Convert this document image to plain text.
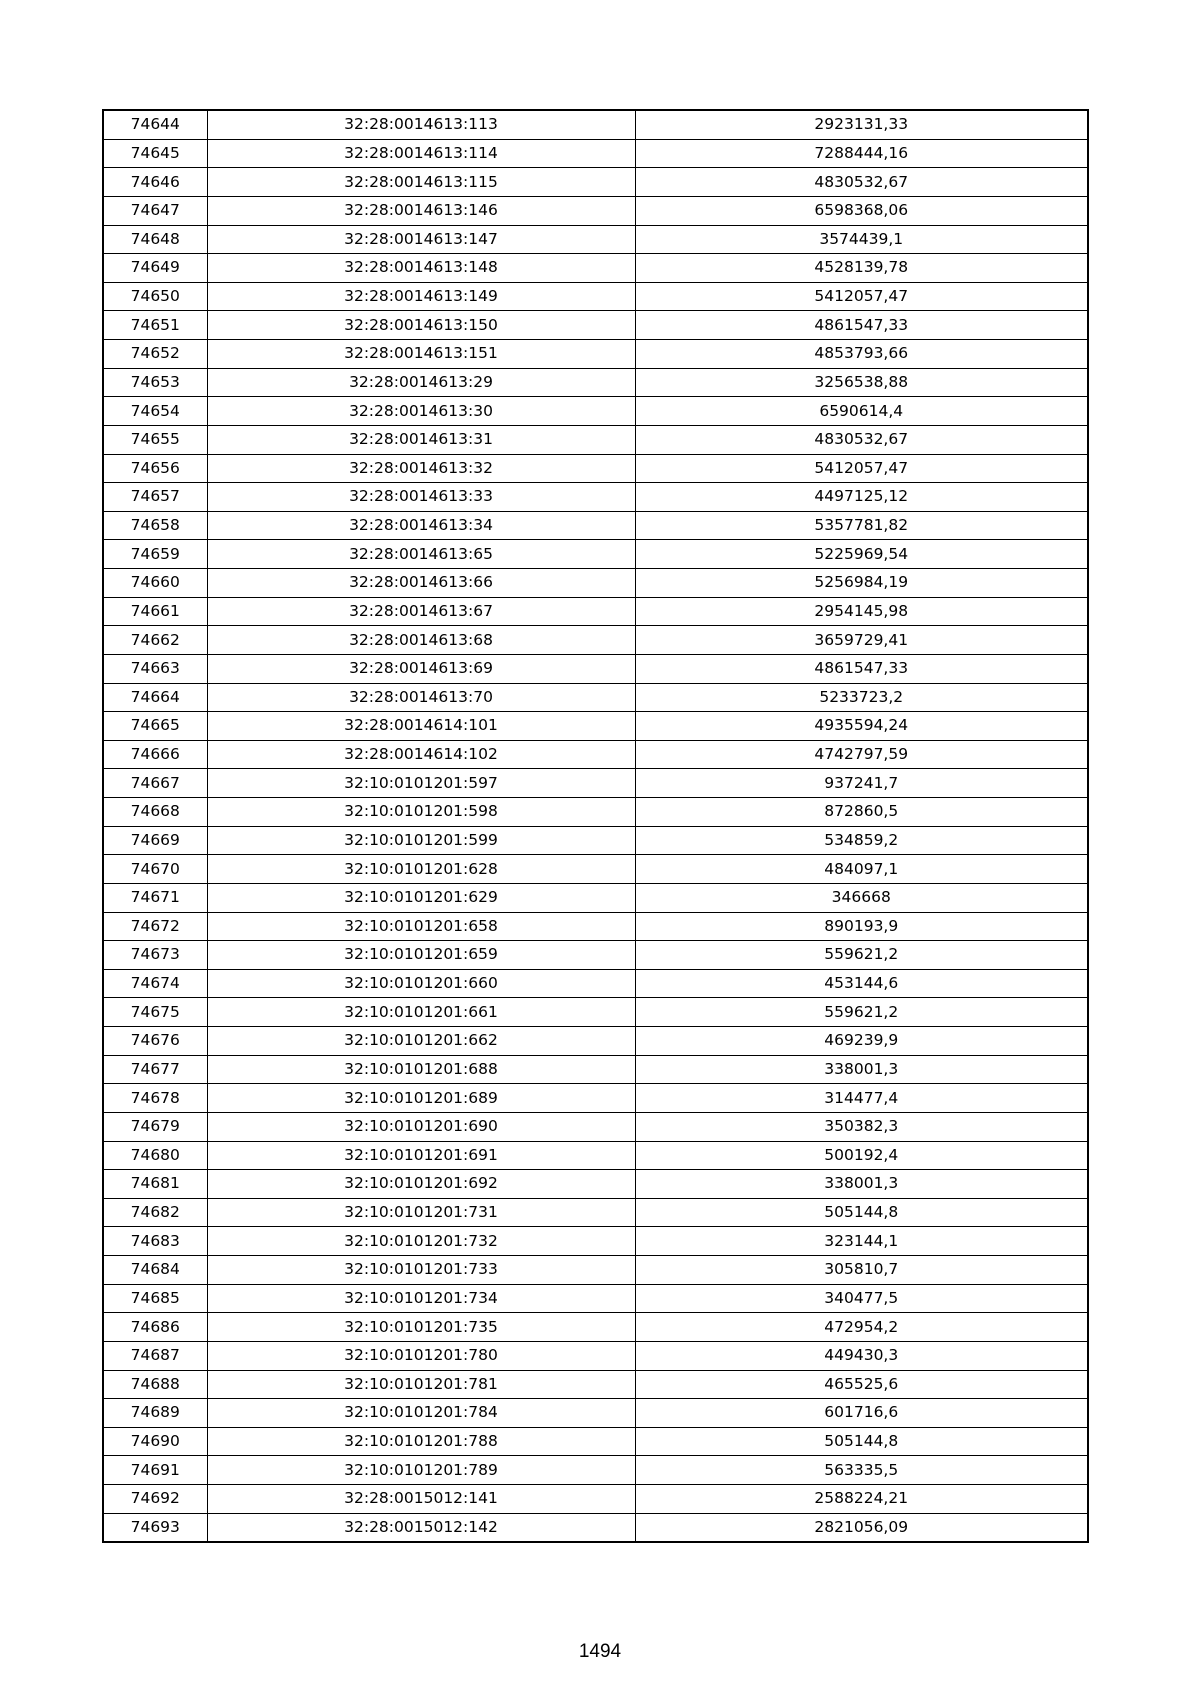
74644	32:28:0014613:113	2923131,33
74645	32:28:0014613:114	7288444,16
74646	32:28:0014613:115	4830532,67
74647	32:28:0014613:146	6598368,06
74648	32:28:0014613:147	3574439,1
74649	32:28:0014613:148	4528139,78
74650	32:28:0014613:149	5412057,47
74651	32:28:0014613:150	4861547,33
74652	32:28:0014613:151	4853793,66
74653	32:28:0014613:29	3256538,88
74654	32:28:0014613:30	6590614,4
74655	32:28:0014613:31	4830532,67
74656	32:28:0014613:32	5412057,47
74657	32:28:0014613:33	4497125,12
74658	32:28:0014613:34	5357781,82
74659	32:28:0014613:65	5225969,54
74660	32:28:0014613:66	5256984,19
74661	32:28:0014613:67	2954145,98
74662	32:28:0014613:68	3659729,41
74663	32:28:0014613:69	4861547,33
74664	32:28:0014613:70	5233723,2
74665	32:28:0014614:101	4935594,24
74666	32:28:0014614:102	4742797,59
74667	32:10:0101201:597	937241,7
74668	32:10:0101201:598	872860,5
74669	32:10:0101201:599	534859,2
74670	32:10:0101201:628	484097,1
74671	32:10:0101201:629	346668
74672	32:10:0101201:658	890193,9
74673	32:10:0101201:659	559621,2
74674	32:10:0101201:660	453144,6
74675	32:10:0101201:661	559621,2
74676	32:10:0101201:662	469239,9
74677	32:10:0101201:688	338001,3
74678	32:10:0101201:689	314477,4
74679	32:10:0101201:690	350382,3
74680	32:10:0101201:691	500192,4
74681	32:10:0101201:692	338001,3
74682	32:10:0101201:731	505144,8
74683	32:10:0101201:732	323144,1
74684	32:10:0101201:733	305810,7
74685	32:10:0101201:734	340477,5
74686	32:10:0101201:735	472954,2
74687	32:10:0101201:780	449430,3
74688	32:10:0101201:781	465525,6
74689	32:10:0101201:784	601716,6
74690	32:10:0101201:788	505144,8
74691	32:10:0101201:789	563335,5
74692	32:28:0015012:141	2588224,21
74693	32:28:0015012:142	2821056,09
1494
